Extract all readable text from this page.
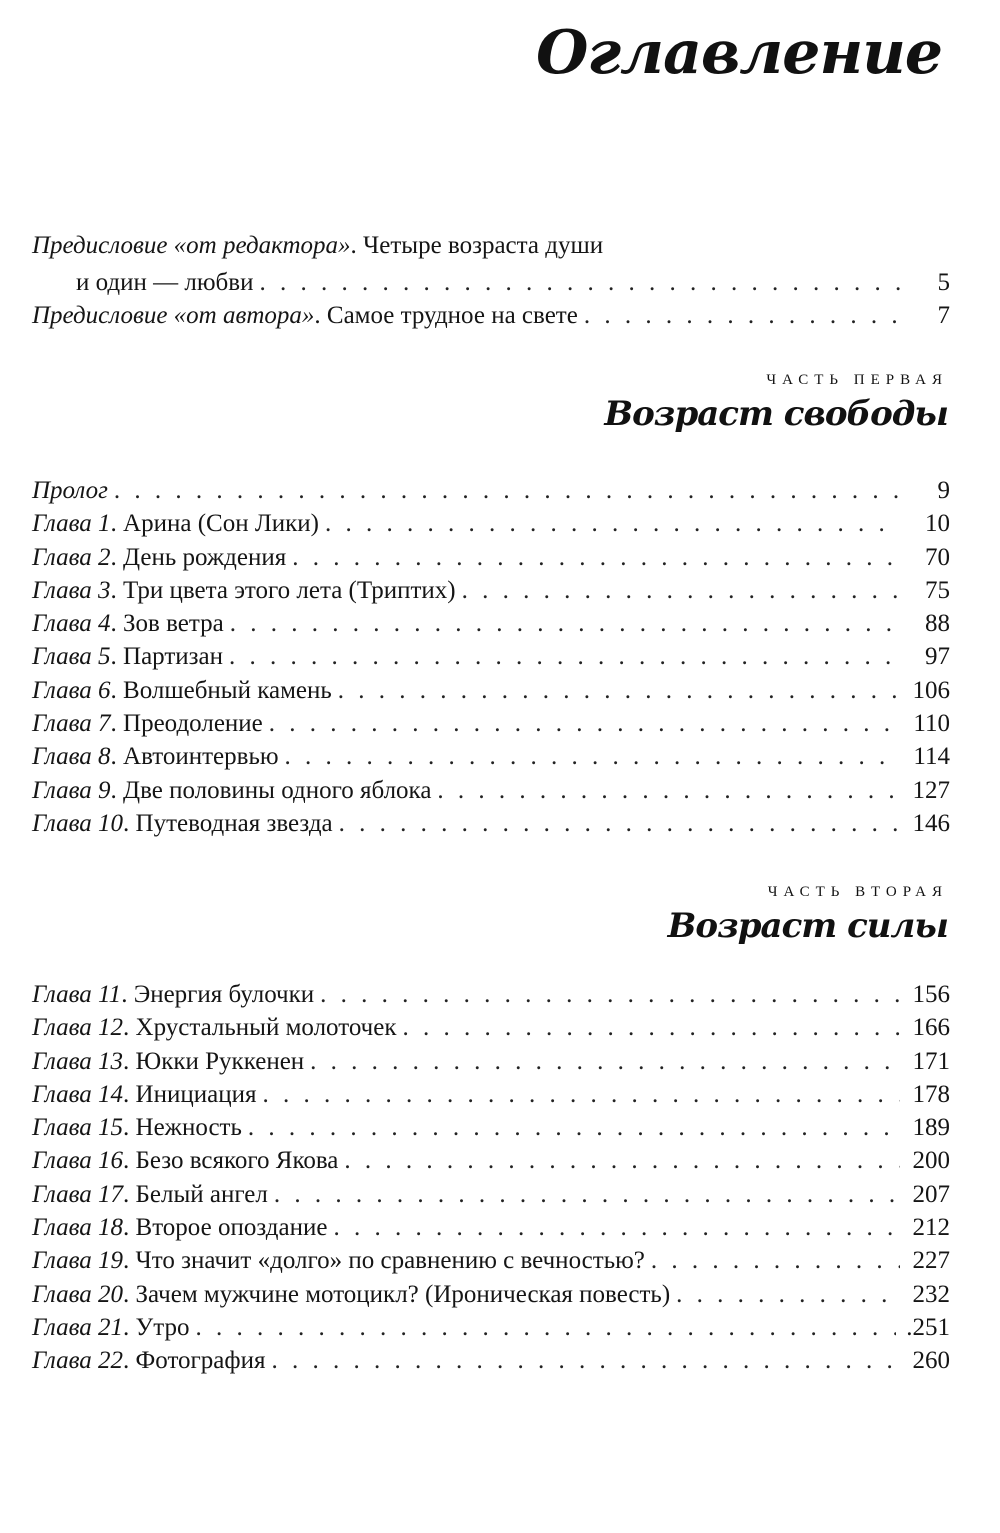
Оглавление
Предисловие «от редактора». Четыре возраста души
и один — любви . . .	5
Предисловие «от автора». Самое трудное на свете . . .	7
ЧАСТЬ ПЕРВАЯ
Возраст свободы
Пролог . . .	9
Глава 1. Арина (Сон Лики) . . .	10
Глава 2. День рождения . . .	70
Глава 3. Три цвета этого лета (Триптих) . . .	75
Глава 4. Зов ветра . . .	88
Глава 5. Партизан . . .	97
Глава 6. Волшебный камень . . .	106
Глава 7. Преодоление . . .	110
Глава 8. Автоинтервью . . .	114
Глава 9. Две половины одного яблока . . .	127
Глава 10. Путеводная звезда . . .	146
ЧАСТЬ ВТОРАЯ
Возраст силы
Глава 11. Энергия булочки . . .	156
Глава 12. Хрустальный молоточек . . .	166
Глава 13. Юкки Руккенен . . .	171
Глава 14. Инициация . . .	178
Глава 15. Нежность . . .	189
Глава 16. Безо всякого Якова . . .	200
Глава 17. Белый ангел . . .	207
Глава 18. Второе опоздание . . .	212
Глава 19. Что значит «долго» по сравнению с вечностью? . . .	227
Глава 20. Зачем мужчине мотоцикл? (Ироническая повесть) . . .	232
Глава 21. Утро . . .	.251
Глава 22. Фотография . . .	260
